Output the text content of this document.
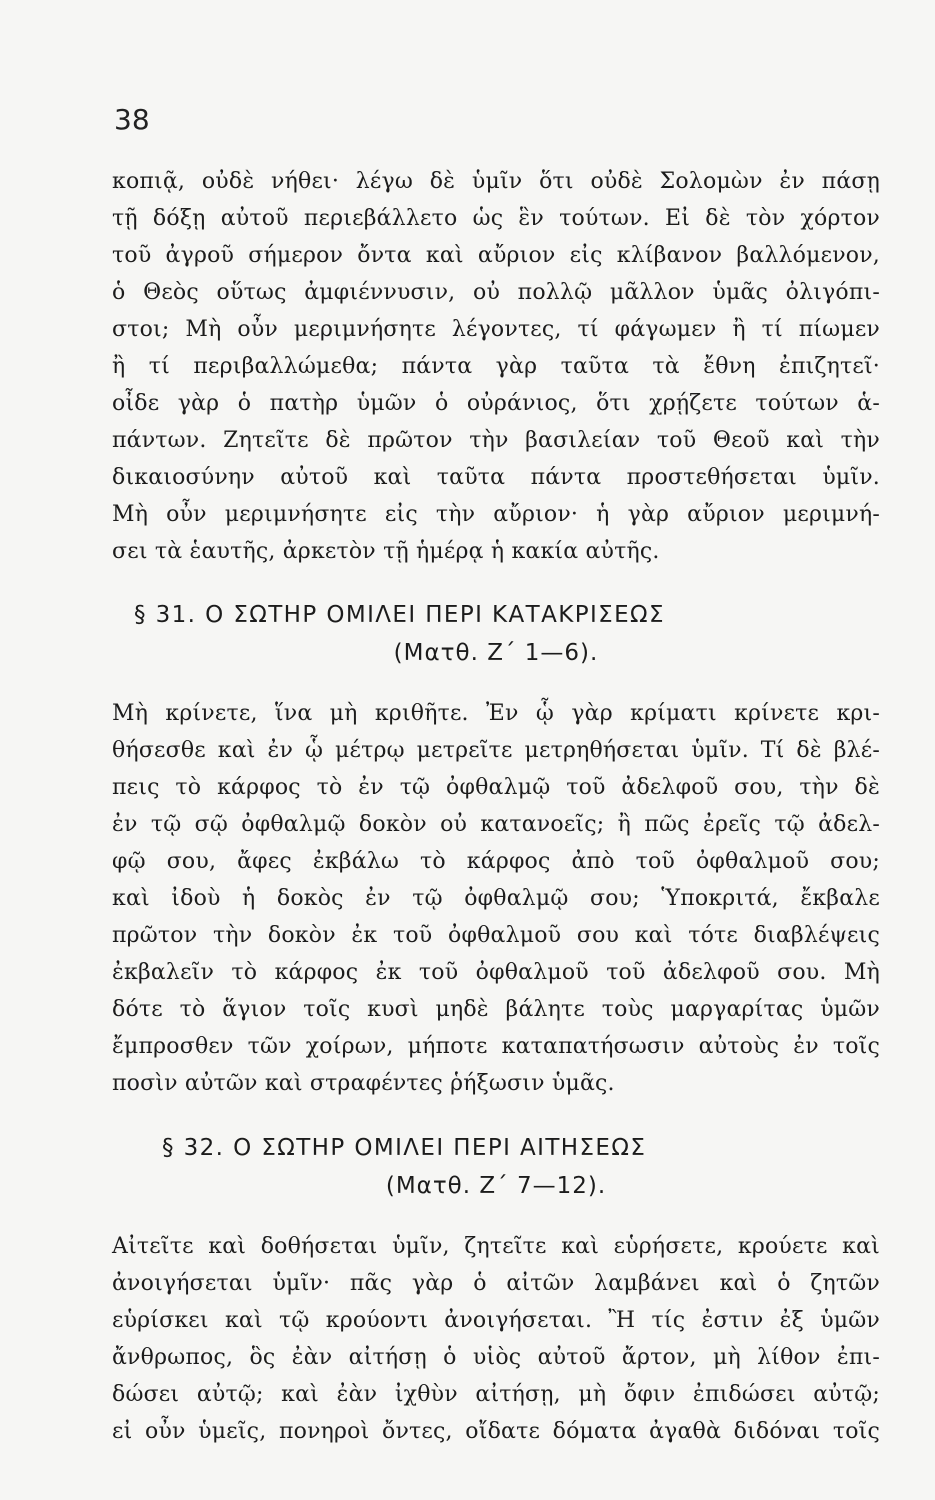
38
κοπιᾷ, οὐδὲ νήθει· λέγω δὲ ὑμῖν ὅτι οὐδὲ Σολομὼν ἐν πάσῃ
τῇ δόξῃ αὐτοῦ περιεβάλλετο ὡς ἓν τούτων. Εἰ δὲ τὸν χόρτον
τοῦ ἀγροῦ σήμερον ὄντα καὶ αὔριον εἰς κλίβανον βαλλόμενον,
ὁ Θεὸς οὕτως ἀμφιέννυσιν, οὐ πολλῷ μᾶλλον ὑμᾶς ὀλιγόπι-
στοι; Μὴ οὖν μεριμνήσητε λέγοντες, τί φάγωμεν ἢ τί πίωμεν
ἢ τί περιβαλλώμεθα; πάντα γὰρ ταῦτα τὰ ἔθνη ἐπιζητεῖ·
οἶδε γὰρ ὁ πατὴρ ὑμῶν ὁ οὐράνιος, ὅτι χρῄζετε τούτων ἁ-
πάντων. Ζητεῖτε δὲ πρῶτον τὴν βασιλείαν τοῦ Θεοῦ καὶ τὴν
δικαιοσύνην αὐτοῦ καὶ ταῦτα πάντα προστεθήσεται ὑμῖν.
Μὴ οὖν μεριμνήσητε εἰς τὴν αὔριον· ἡ γὰρ αὔριον μεριμνή-
σει τὰ ἑαυτῆς, ἀρκετὸν τῇ ἡμέρᾳ ἡ κακία αὐτῆς.
§ 31. Ο ΣΩΤΗΡ ΟΜΙΛΕΙ ΠΕΡΙ ΚΑΤΑΚΡΙΣΕΩΣ
(Ματθ. Ζ΄ 1—6).
Μὴ κρίνετε, ἵνα μὴ κριθῆτε. Ἐν ᾧ γὰρ κρίματι κρίνετε κρι-
θήσεσθε καὶ ἐν ᾧ μέτρῳ μετρεῖτε μετρηθήσεται ὑμῖν. Τί δὲ βλέ-
πεις τὸ κάρφος τὸ ἐν τῷ ὀφθαλμῷ τοῦ ἀδελφοῦ σου, τὴν δὲ
ἐν τῷ σῷ ὀφθαλμῷ δοκὸν οὐ κατανοεῖς; ἢ πῶς ἐρεῖς τῷ ἀδελ-
φῷ σου, ἄφες ἐκβάλω τὸ κάρφος ἀπὸ τοῦ ὀφθαλμοῦ σου;
καὶ ἰδοὺ ἡ δοκὸς ἐν τῷ ὀφθαλμῷ σου; Ὑποκριτά, ἔκβαλε
πρῶτον τὴν δοκὸν ἐκ τοῦ ὀφθαλμοῦ σου καὶ τότε διαβλέψεις
ἐκβαλεῖν τὸ κάρφος ἐκ τοῦ ὀφθαλμοῦ τοῦ ἀδελφοῦ σου. Μὴ
δότε τὸ ἅγιον τοῖς κυσὶ μηδὲ βάλητε τοὺς μαργαρίτας ὑμῶν
ἔμπροσθεν τῶν χοίρων, μήποτε καταπατήσωσιν αὐτοὺς ἐν τοῖς
ποσὶν αὐτῶν καὶ στραφέντες ῥήξωσιν ὑμᾶς.
§ 32. Ο ΣΩΤΗΡ ΟΜΙΛΕΙ ΠΕΡΙ ΑΙΤΗΣΕΩΣ
(Ματθ. Ζ΄ 7—12).
Αἰτεῖτε καὶ δοθήσεται ὑμῖν, ζητεῖτε καὶ εὑρήσετε, κρούετε καὶ
ἀνοιγήσεται ὑμῖν· πᾶς γὰρ ὁ αἰτῶν λαμβάνει καὶ ὁ ζητῶν
εὑρίσκει καὶ τῷ κρούοντι ἀνοιγήσεται. Ἢ τίς ἐστιν ἐξ ὑμῶν
ἄνθρωπος, ὃς ἐὰν αἰτήσῃ ὁ υἱὸς αὐτοῦ ἄρτον, μὴ λίθον ἐπι-
δώσει αὐτῷ; καὶ ἐὰν ἰχθὺν αἰτήσῃ, μὴ ὄφιν ἐπιδώσει αὐτῷ;
εἰ οὖν ὑμεῖς, πονηροὶ ὄντες, οἴδατε δόματα ἀγαθὰ διδόναι τοῖς
